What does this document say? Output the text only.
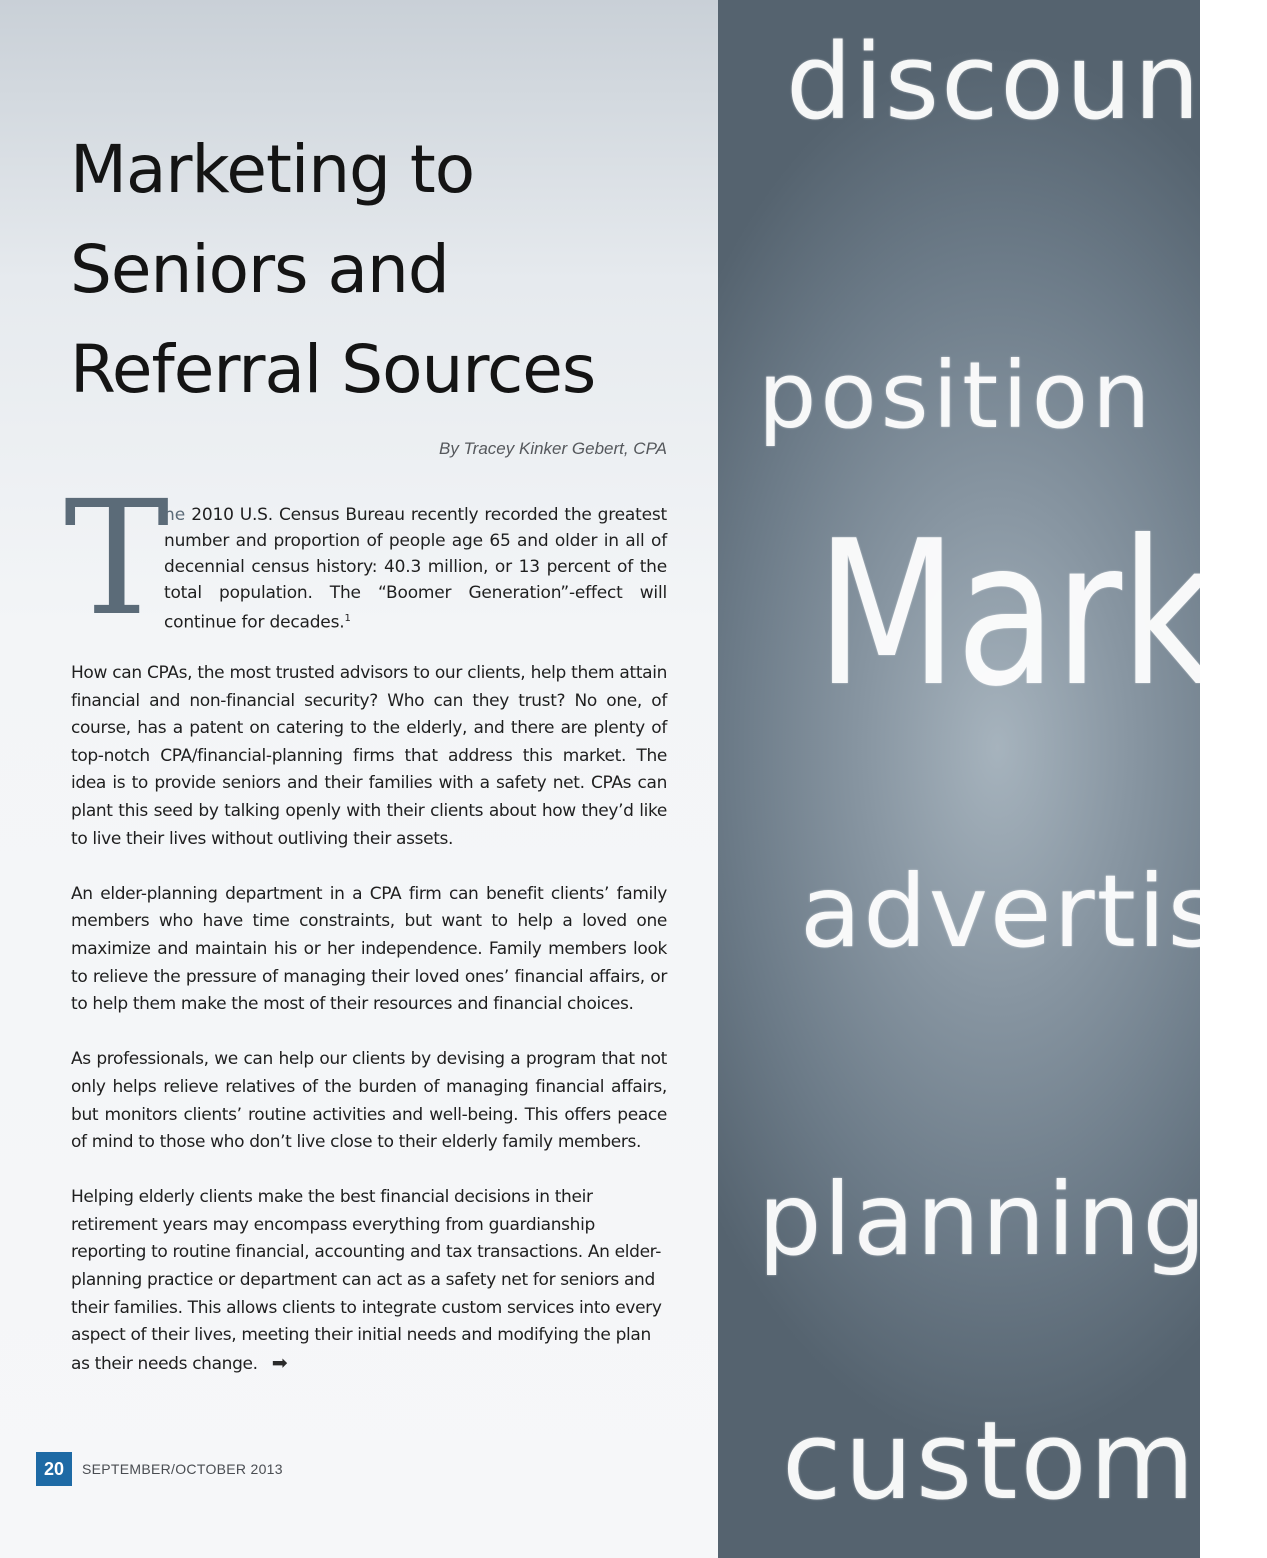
discount
position
Mark
advertis
planning
custome
Marketing to
Seniors and
Referral Sources
By Tracey Kinker Gebert, CPA
T

he 2010 U.S. Census Bureau recently recorded the greatest number and proportion of people age 65 and older in all of decennial census history: 40.3 million, or 13 percent of the total population. The “Boomer Generation”-effect will continue for decades.$^1$

How can CPAs, the most trusted advisors to our clients, help them attain financial and non-financial security? Who can they trust? No one, of course, has a patent on catering to the elderly, and there are plenty of top-notch CPA/financial-planning firms that address this market. The idea is to provide seniors and their families with a safety net. CPAs can plant this seed by talking openly with their clients about how they’d like to live their lives without outliving their assets.

An elder-planning department in a CPA firm can benefit clients’ family members who have time constraints, but want to help a loved one maximize and maintain his or her independence. Family members look to relieve the pressure of managing their loved ones’ financial affairs, or to help them make the most of their resources and financial choices.

As professionals, we can help our clients by devising a program that not only helps relieve relatives of the burden of managing financial affairs, but monitors clients’ routine activities and well-being. This offers peace of mind to those who don’t live close to their elderly family members.

Helping elderly clients make the best financial decisions in their retirement years may encompass everything from guardianship reporting to routine financial, accounting and tax transactions. An elder-planning practice or department can act as a safety net for seniors and their families. This allows clients to integrate custom services into every aspect of their lives, meeting their initial needs and modifying the plan as their needs change. ➡

20	SEPTEMBER/OCTOBER 2013
